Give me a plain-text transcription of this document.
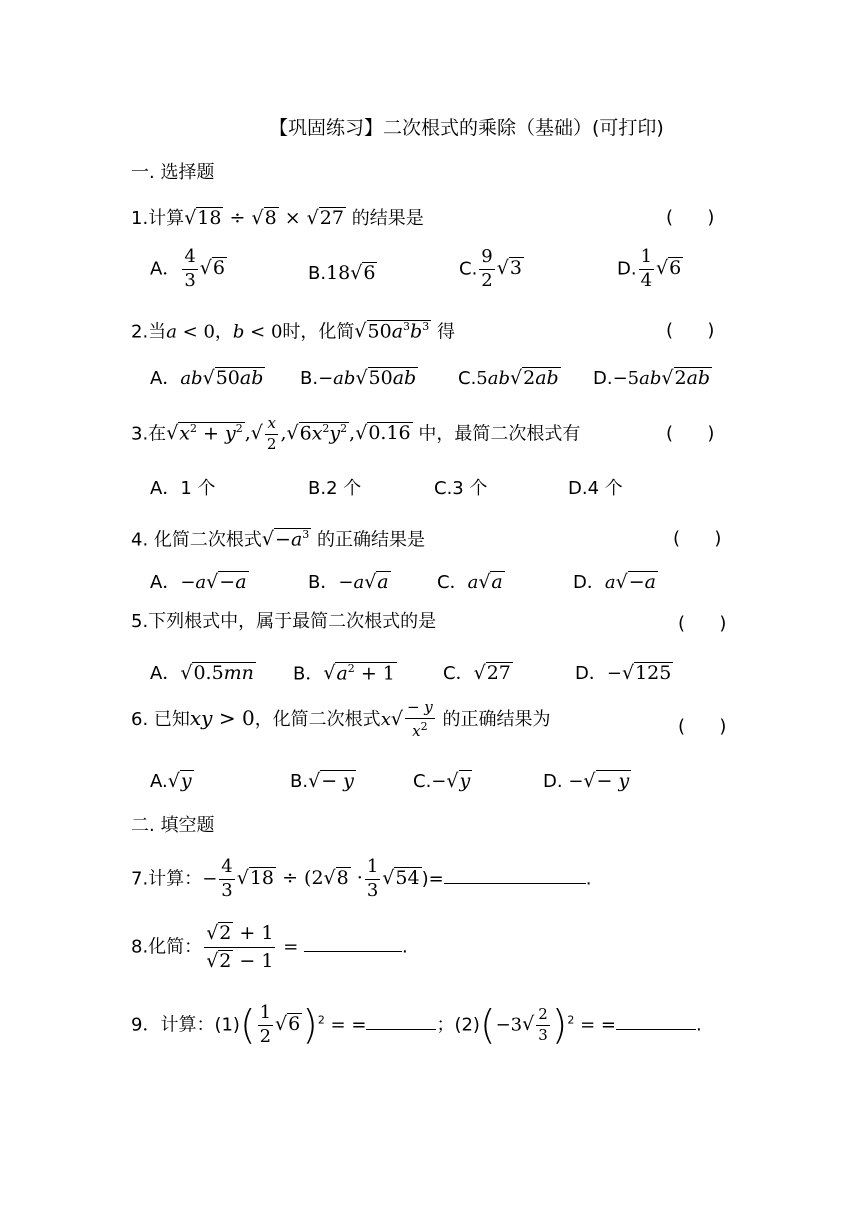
【巩固练习】二次根式的乘除（基础）(可打印)
一. 选择题
1.计算√18 ÷ √8 × √27 的结果是	(      )
A． $\frac{4}{3} √6$	B.18√6	C. $\frac{9}{2} √3$	D. $\frac{1}{4} √6$
2.当a < 0，b < 0时，化简$√50a^3b^3$ 得	(      )
A．ab√50ab B.−ab√50ab C.5ab√2ab D.−5ab√2ab
3.在$√x^2 + y^2$ ,√ $\frac{x}{2} ,√6x^2y^2$ ,√0.16 中，最简二次根式有	(      )
A．1 个	B.2 个	C.3 个	D.4 个
4. 化简二次根式$√-a^3$ 的正确结果是	(      )
A．−a√−a	B．−a√a	C．a√a	D．a√−a
5.下列根式中，属于最简二次根式的是	(      )
A．√0.5mn B．$√a^2 + 1$	C．√27	D．−√125
6. 已知xy > 0，化简二次根式$x√ \frac{- y}{x^2}$ 的正确结果为	(      )
A.√y	B.√− y	C.−√y	D. −√− y
二. 填空题
7.计算：− $\frac{4}{3} √18 \div (2√8 \cdot \frac{1}{3} √54$ )=	.
8.化简： $\frac{√2 + 1}{√2 - 1}$ =	.
9．计算：$(1)( \frac{1}{2} √6)^2$ = =	；$(2)(-3√ \frac{2}{3} )^2$ = =	.
